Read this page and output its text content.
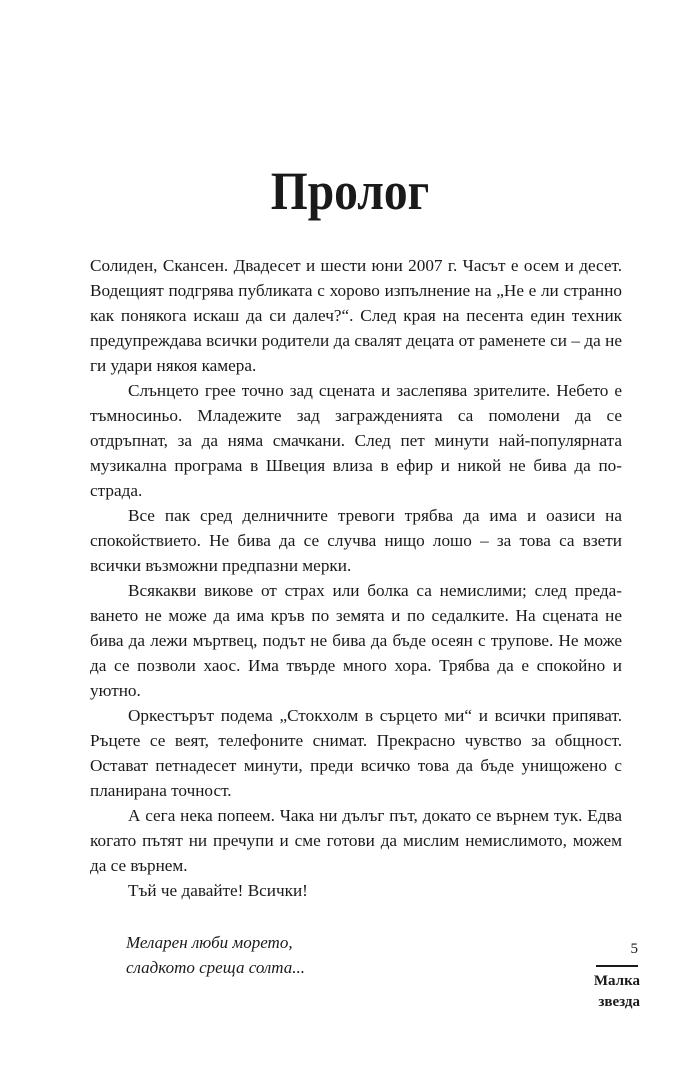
Пролог

Солиден, Скансен. Двадесет и шести юни 2007 г. Часът е осем и десет. Водещият подгрява публиката с хорово изпълнение на „Не е ли странно как понякога искаш да си далеч?“. След края на песента един техник предупреждава всички родители да свалят децата от раменете си – да не ги удари някоя камера.

Слънцето грее точно зад сцената и заслепява зрителите. Небето е тъмносиньо. Младежите зад загражденията са помолени да се отдръпнат, за да няма смачкани. След пет минути най-популярната музикална програма в Швеция влиза в ефир и никой не бива да пострада.

Все пак сред делничните тревоги трябва да има и оазиси на спокойствието. Не бива да се случва нищо лошо – за това са взети всички възможни предпазни мерки.

Всякакви викове от страх или болка са немислими; след предаването не може да има кръв по земята и по седалките. На сцената не бива да лежи мъртвец, подът не бива да бъде осеян с трупове. Не може да се позволи хаос. Има твърде много хора. Трябва да е спокойно и уютно.

Оркестърът подема „Стокхолм в сърцето ми“ и всички припяват. Ръцете се веят, телефоните снимат. Прекрасно чувство за общност. Остават петнадесет минути, преди всичко това да бъде унищожено с планирана точност.

А сега нека попеем. Чака ни дълъг път, докато се върнем тук. Едва когато пътят ни пречупи и сме готови да мислим немислимото, можем да се върнем.

Тъй че давайте! Всички!

Меларен люби морето,
сладкото среща солта...
5
Малка
звезда
